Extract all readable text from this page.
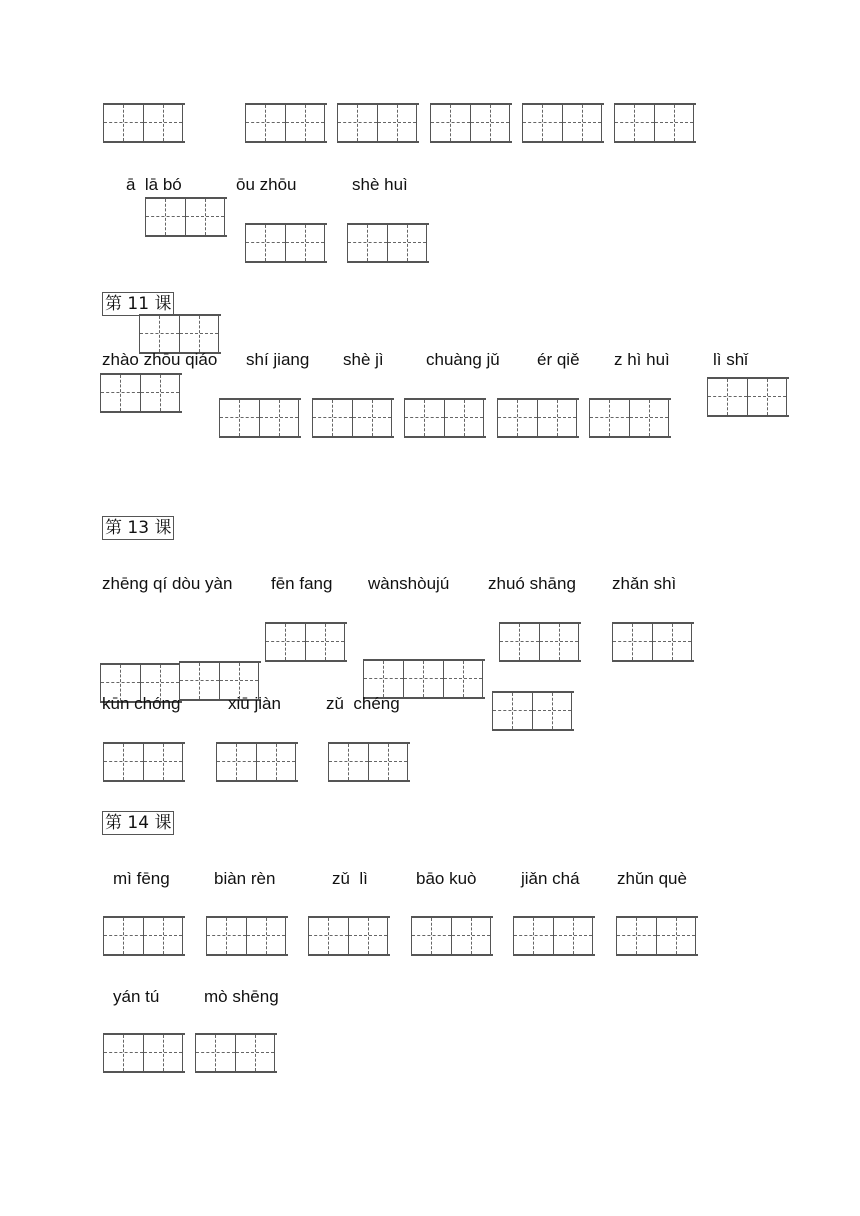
ā  lā bó	ōu zhōu	shè huì
第 11 课
zhào zhōu qiáo shí jiang shè jì chuàng jǔ ér qiě z hì huì	lì shǐ
第 13 课
zhēng qí dòu yàn fēn fang wànshòujú zhuó shāng zhǎn shì
kūn chóng	xiū jiàn	zǔ  chéng
第 14 课
mì fēng	biàn rèn	zǔ  lì	bāo kuò	jiǎn chá zhǔn què
yán tú	mò shēng
